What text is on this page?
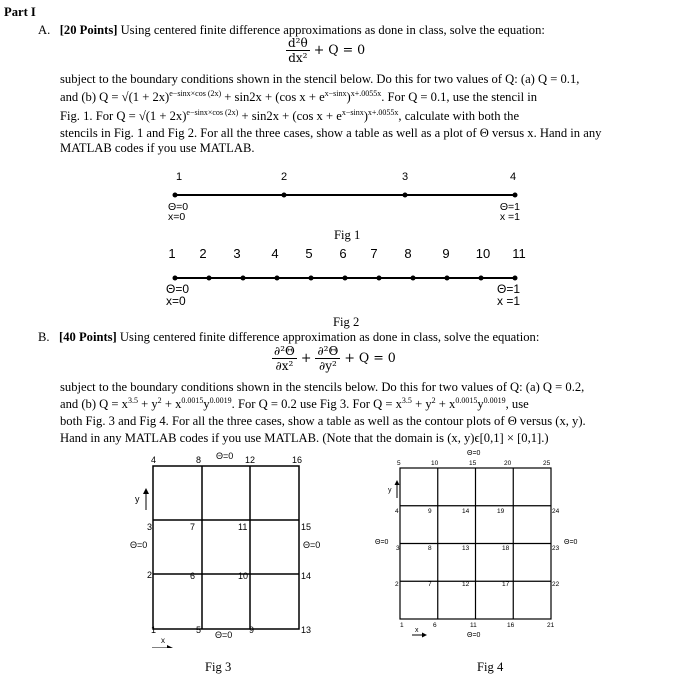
Part I
A. [20 Points] Using centered finite difference approximations as done in class, solve the equation:
$\frac{\text{d²θ}}{\text{dx²}} + Q = 0$
subject to the boundary conditions shown in the stencil below. Do this for two values of Q: (a) Q = 0.1,
and (b) $Q = √(1 + 2x)^{e-sinx\times cos (2x)} + \sin 2x + (\cos$ $x + e^{x-sinx})^{x+.0055x}$. For Q = 0.1, use the stencil in
Fig. 1. For $Q = √(1 + 2x)^{e-sinx\times cos (2x)} + \sin 2x + (\cos$ $x + e^{x-sinx})^{x+.0055x}$, calculate with both the
stencils in Fig. 1 and Fig 2. For all the three cases, show a table as well as a plot of Θ versus x. Hand in any
MATLAB codes if you use MATLAB.
1	2	3	4
Θ=0
x=0
Θ=1
x =1
Fig 1
1 2 3 4 5 6 7 8 9 10 11
Θ=0
x=0
Θ=1
x =1
Fig 2
B. [40 Points] Using centered finite difference approximation as done in class, solve the equation:
$\frac{\text{∂²Θ}}{\text{∂x²}} + \frac{\text{∂²Θ}}{\text{∂y²}} + Q = 0$
subject to the boundary conditions shown in the stencils below. Do this for two values of Q: (a) Q = 0.2,
and (b) $Q = x^{3.5} + y^2 + x^{0.0015}y^{0.0019}$. For Q = 0.2 use Fig 3. For $Q = x^{3.5} + y^2 + x^{0.0015}y^{0.0019}$, use
both Fig. 3 and Fig 4. For all the three cases, show a table as well as the contour plots of Θ versus (x, y).
Hand in any MATLAB codes if you use MATLAB. (Note that the domain is (x, y)ϵ[0,1] × [0,1].)
Θ=0
Θ=0
Θ=0	Θ=0
1
2
3
4
5
6
7
8
9
10
11
12
13
14
15
16
y
x
Fig 3
Θ=0
Θ=0
Θ=0	Θ=0
1
2
3
4
5
6
7
8
9
10
11
12
13
14
15
16
17
18
19
20
21
22
23
24
25
y
x
Fig 4
